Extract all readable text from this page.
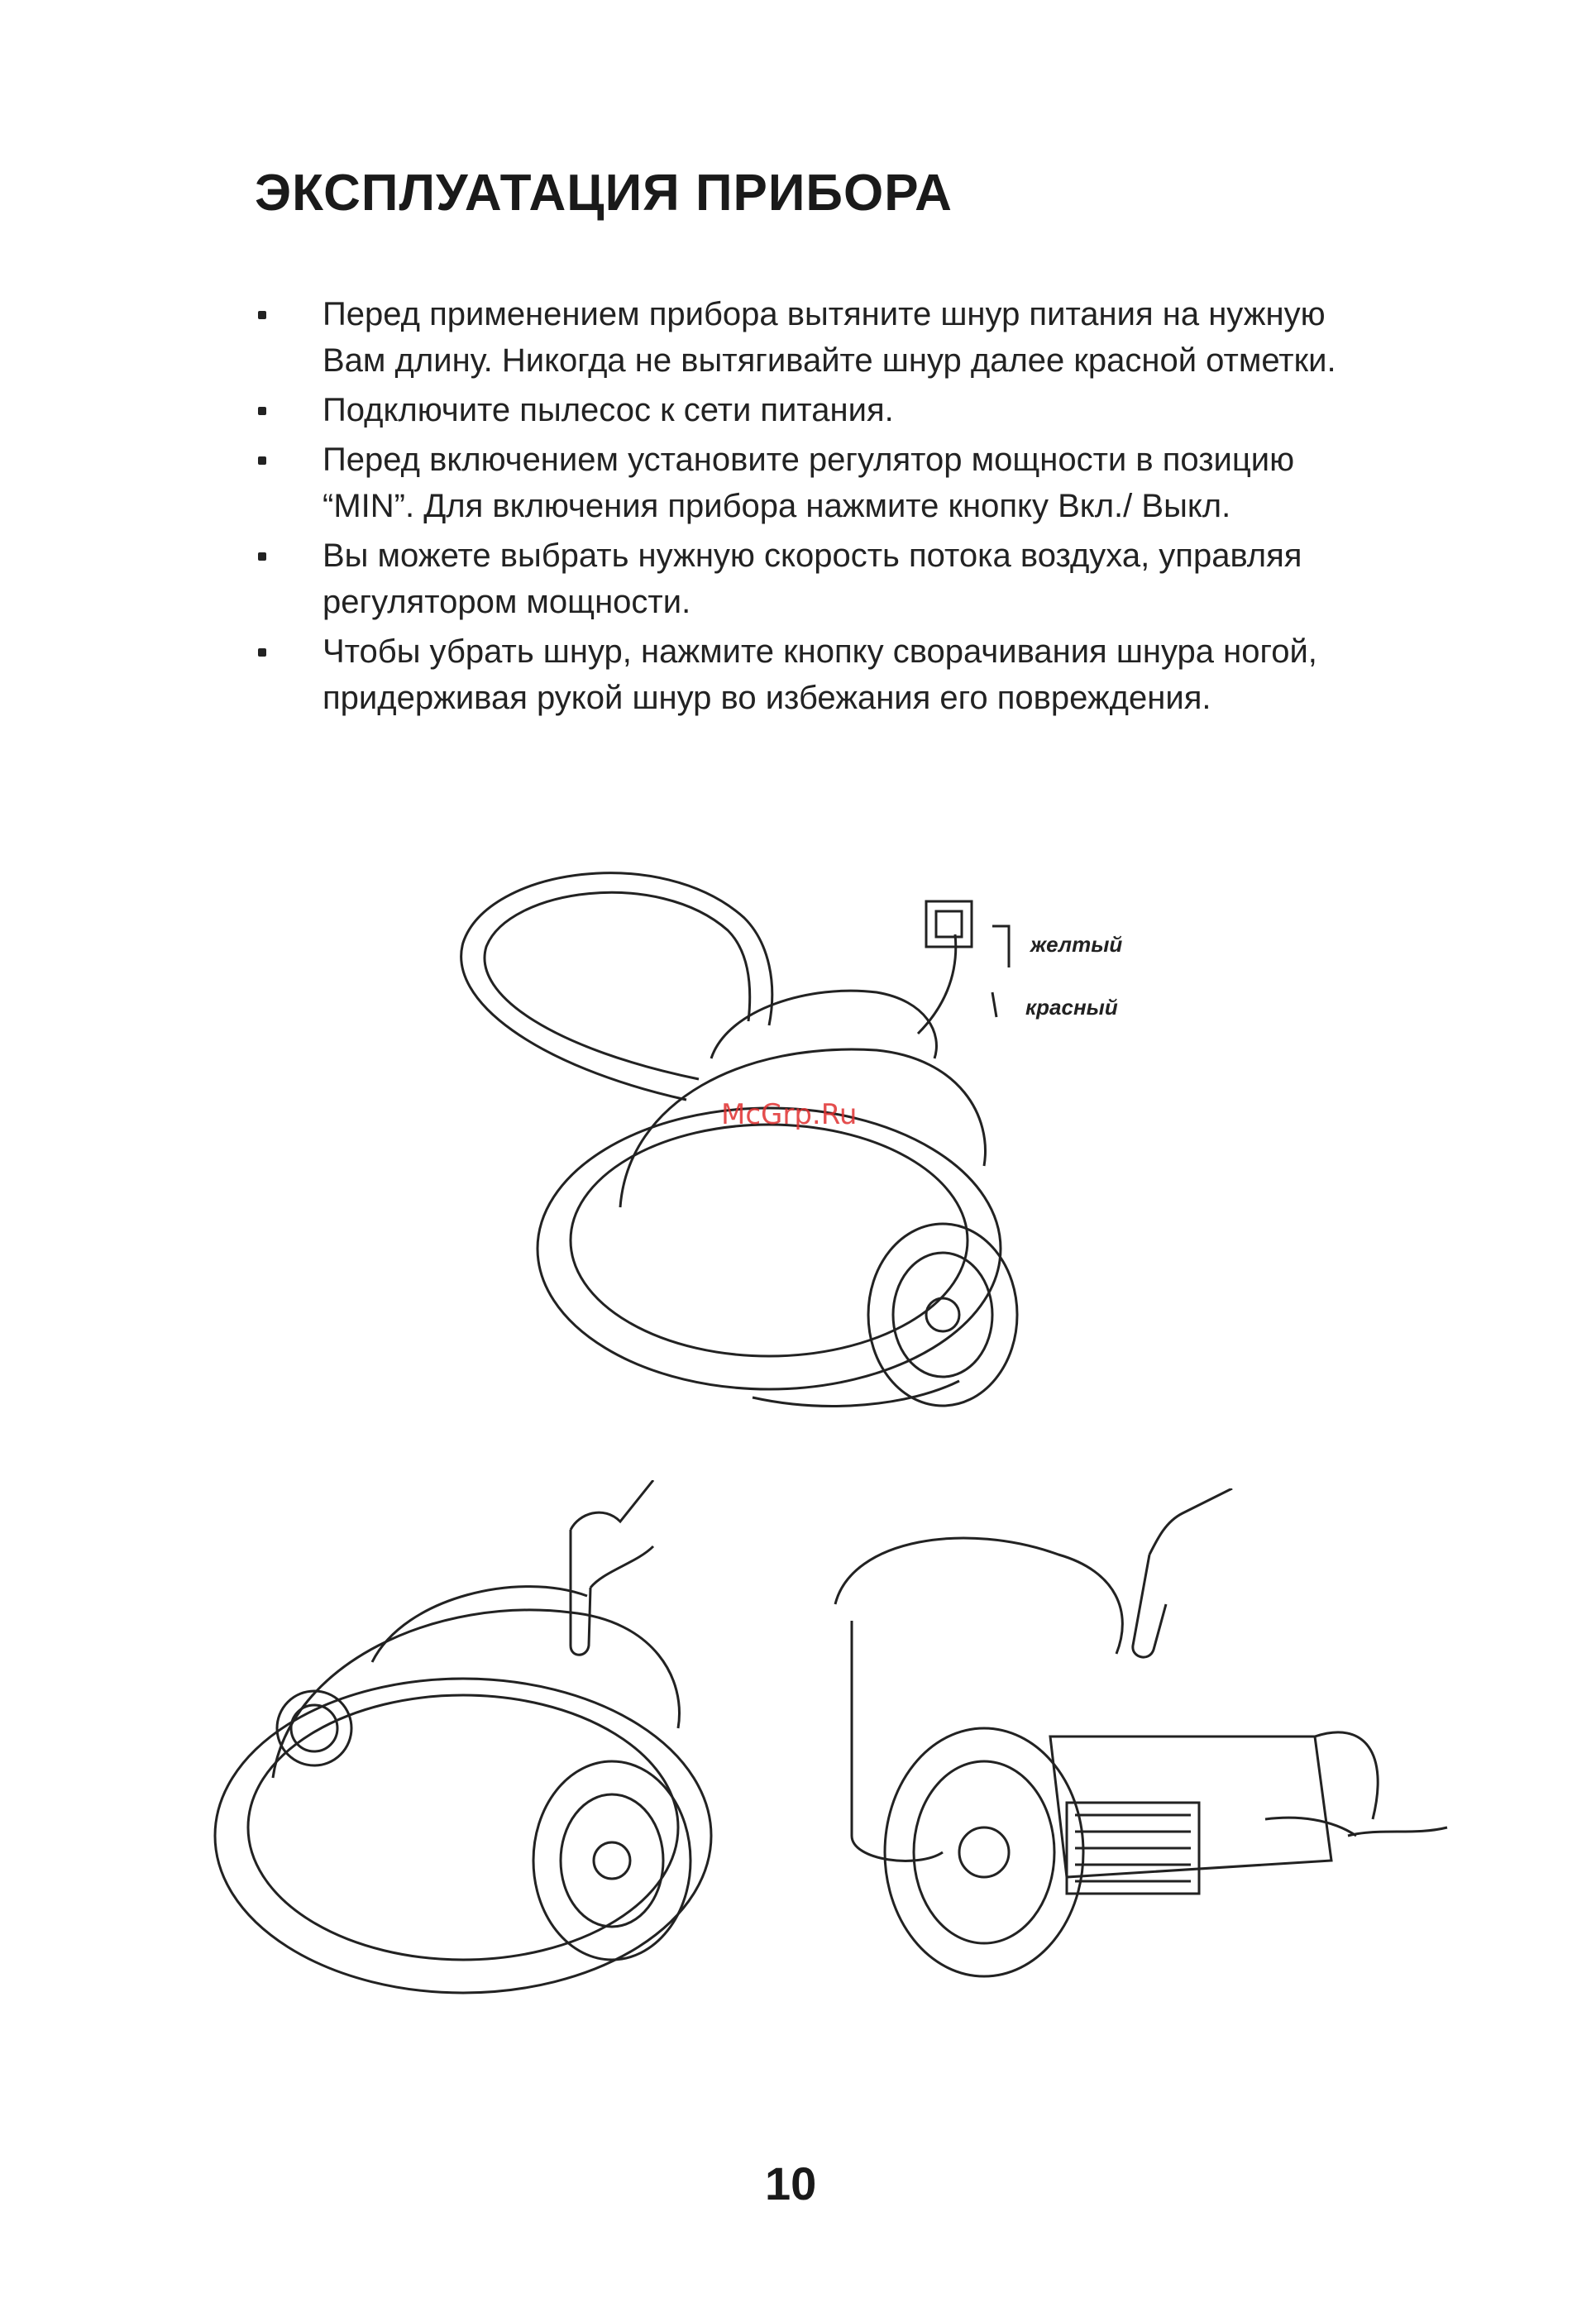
ЭКСПЛУАТАЦИЯ ПРИБОРА
Перед применением прибора вытяните шнур питания на нужную Вам длину. Никогда не вытягивайте шнур далее красной отметки.
Подключите пылесос к сети питания.
Перед включением установите регулятор мощности в позицию “MIN”. Для включения прибора нажмите кнопку Вкл./ Выкл.
Вы можете выбрать нужную скорость потока воздуха, управляя регулятором мощности.
Чтобы убрать шнур, нажмите кнопку сворачивания шнура ногой, придерживая рукой шнур во избежания его повреждения.
желтый
красный
McGrp.Ru
10
